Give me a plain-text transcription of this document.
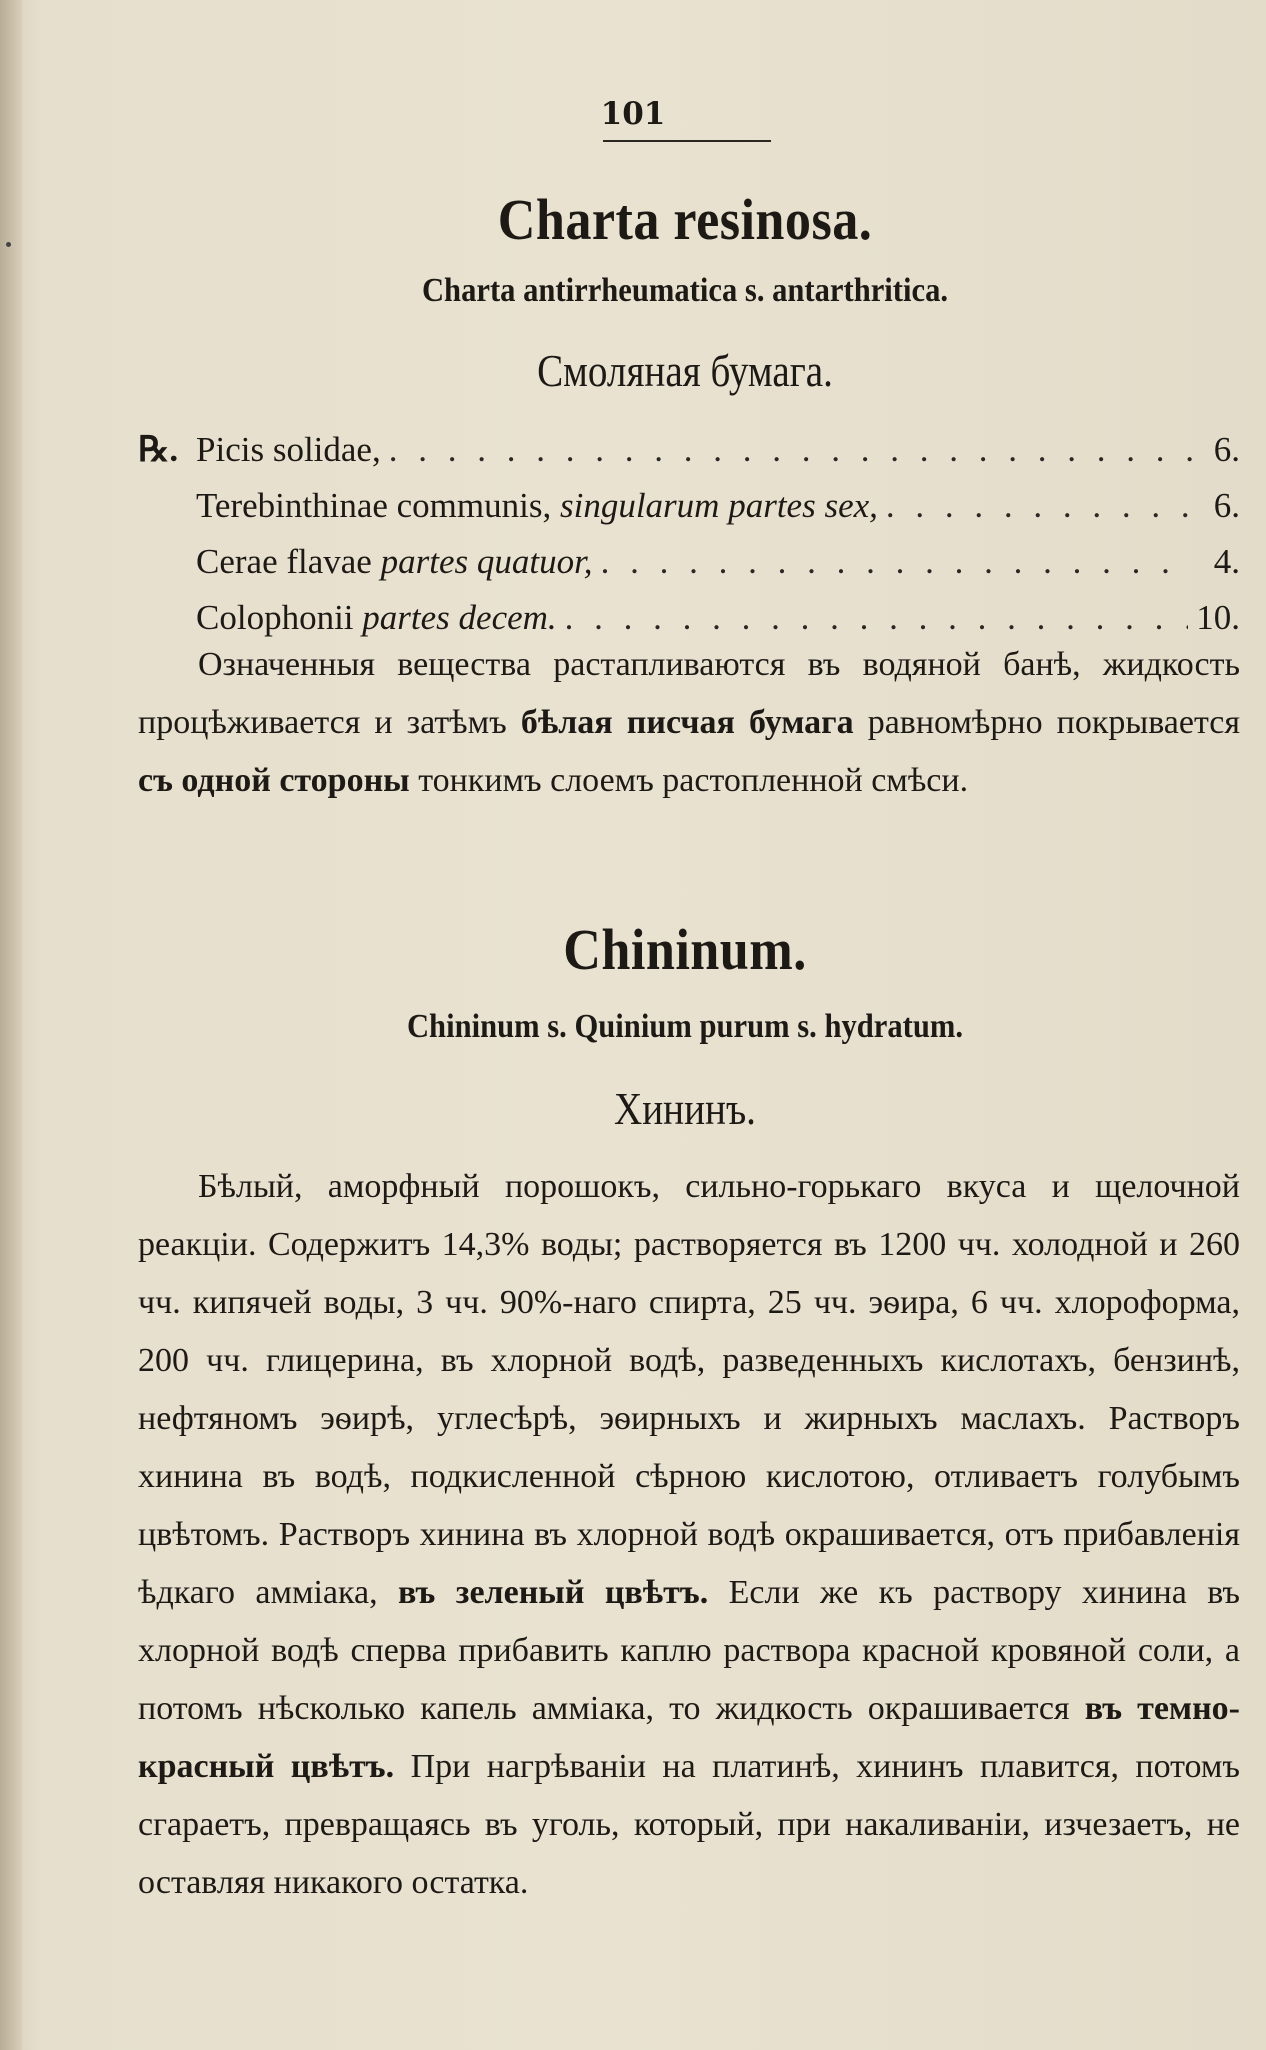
101
Charta resinosa.
Charta antirrheumatica s. antarthritica.
Смоляная бумага.
℞. Picis solidae, . . .	6.
Terebinthinae communis, singularum partes sex, . . .	6.
Cerae flavae partes quatuor, . . .	4.
Colophonii partes decem. . . .	10.
Означенныя вещества растапливаются въ водяной банѣ, жидкость процѣживается и затѣмъ бѣлая писчая бумага равномѣрно покрывается съ одной стороны тонкимъ слоемъ растопленной смѣси.
Chininum.
Chininum s. Quinium purum s. hydratum.
Хининъ.
Бѣлый, аморфный порошокъ, сильно-горькаго вкуса и щелочной реакціи. Содержитъ 14,3% воды; растворяется въ 1200 чч. холодной и 260 чч. кипячей воды, 3 чч. 90%-наго спирта, 25 чч. эѳира, 6 чч. хлороформа, 200 чч. глицерина, въ хлорной водѣ, разведенныхъ кислотахъ, бензинѣ, нефтяномъ эѳирѣ, углесѣрѣ, эѳирныхъ и жирныхъ маслахъ. Растворъ хинина въ водѣ, подкисленной сѣрною кислотою, отливаетъ голубымъ цвѣтомъ. Растворъ хинина въ хлорной водѣ окрашивается, отъ прибавленія ѣдкаго амміака, въ зеленый цвѣтъ. Если же къ раствору хинина въ хлорной водѣ сперва прибавить каплю раствора красной кровяной соли, а потомъ нѣсколько капель амміака, то жидкость окрашивается въ темно-красный цвѣтъ. При нагрѣваніи на платинѣ, хининъ плавится, потомъ сгараетъ, превращаясь въ уголь, который, при накаливаніи, изчезаетъ, не оставляя никакого остатка.
